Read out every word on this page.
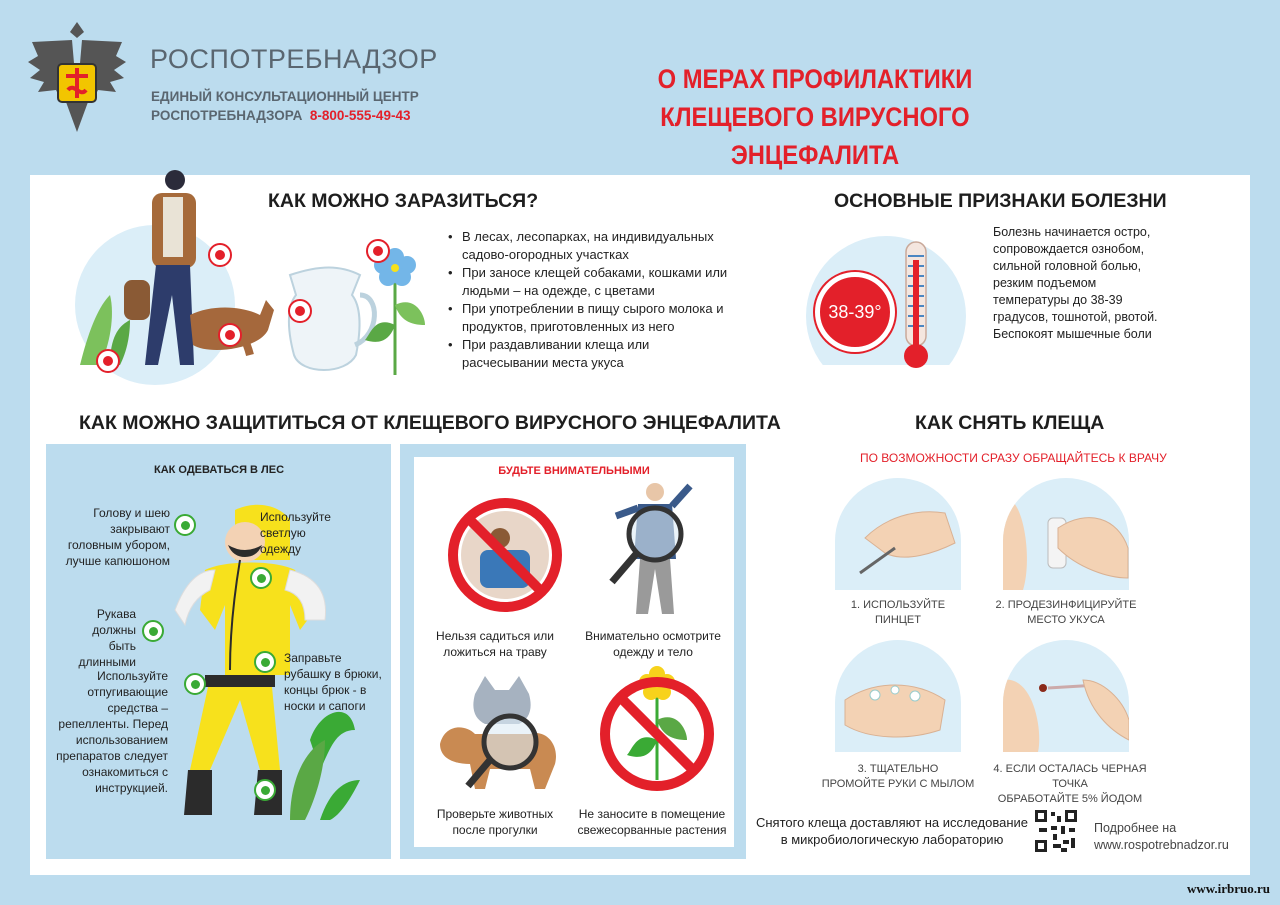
РОСПОТРЕБНАДЗОР
ЕДИНЫЙ КОНСУЛЬТАЦИОННЫЙ ЦЕНТР
РОСПОТРЕБНАДЗОРА 8-800-555-49-43
О МЕРАХ ПРОФИЛАКТИКИ
КЛЕЩЕВОГО ВИРУСНОГО ЭНЦЕФАЛИТА
КАК МОЖНО ЗАРАЗИТЬСЯ?
• В лесах, лесопарках, на индивидуальных садово-огородных участках
• При заносе клещей собаками, кошками или людьми – на одежде, с цветами
• При употреблении в пищу сырого молока и продуктов, приготовленных из него
• При раздавливании клеща или расчесывании места укуса
ОСНОВНЫЕ ПРИЗНАКИ БОЛЕЗНИ
38-39°
Болезнь начинается остро, сопровождается ознобом, сильной головной болью, резким подъемом температуры до 38-39 градусов, тошнотой, рвотой. Беспокоят мышечные боли
КАК МОЖНО ЗАЩИТИТЬСЯ ОТ КЛЕЩЕВОГО ВИРУСНОГО ЭНЦЕФАЛИТА
КАК ОДЕВАТЬСЯ В ЛЕС
Голову и шею закрывают головным убором, лучше капюшоном
Используйте светлую одежду
Рукава должны быть длинными	Заправьте рубашку в брюки, концы брюк - в носки и сапоги
Используйте отпугивающие средства – репелленты. Перед использованием препаратов следует ознакомиться с инструкцией.
БУДЬТЕ ВНИМАТЕЛЬНЫМИ
Нельзя садиться или ложиться на траву
Внимательно осмотрите одежду и тело
Проверьте животных после прогулки
Не заносите в помещение свежесорванные растения
КАК СНЯТЬ КЛЕЩА
ПО ВОЗМОЖНОСТИ СРАЗУ ОБРАЩАЙТЕСЬ К ВРАЧУ
1. ИСПОЛЬЗУЙТЕ
ПИНЦЕТ
2. ПРОДЕЗИНФИЦИРУЙТЕ
МЕСТО УКУСА
3. ТЩАТЕЛЬНО
ПРОМОЙТЕ РУКИ С МЫЛОМ
4. ЕСЛИ ОСТАЛАСЬ ЧЕРНАЯ ТОЧКА
ОБРАБОТАЙТЕ 5% ЙОДОМ
Снятого клеща доставляют на исследование
в микробиологическую лабораторию
Подробнее на
www.rospotrebnadzor.ru
www.irbruo.ru
